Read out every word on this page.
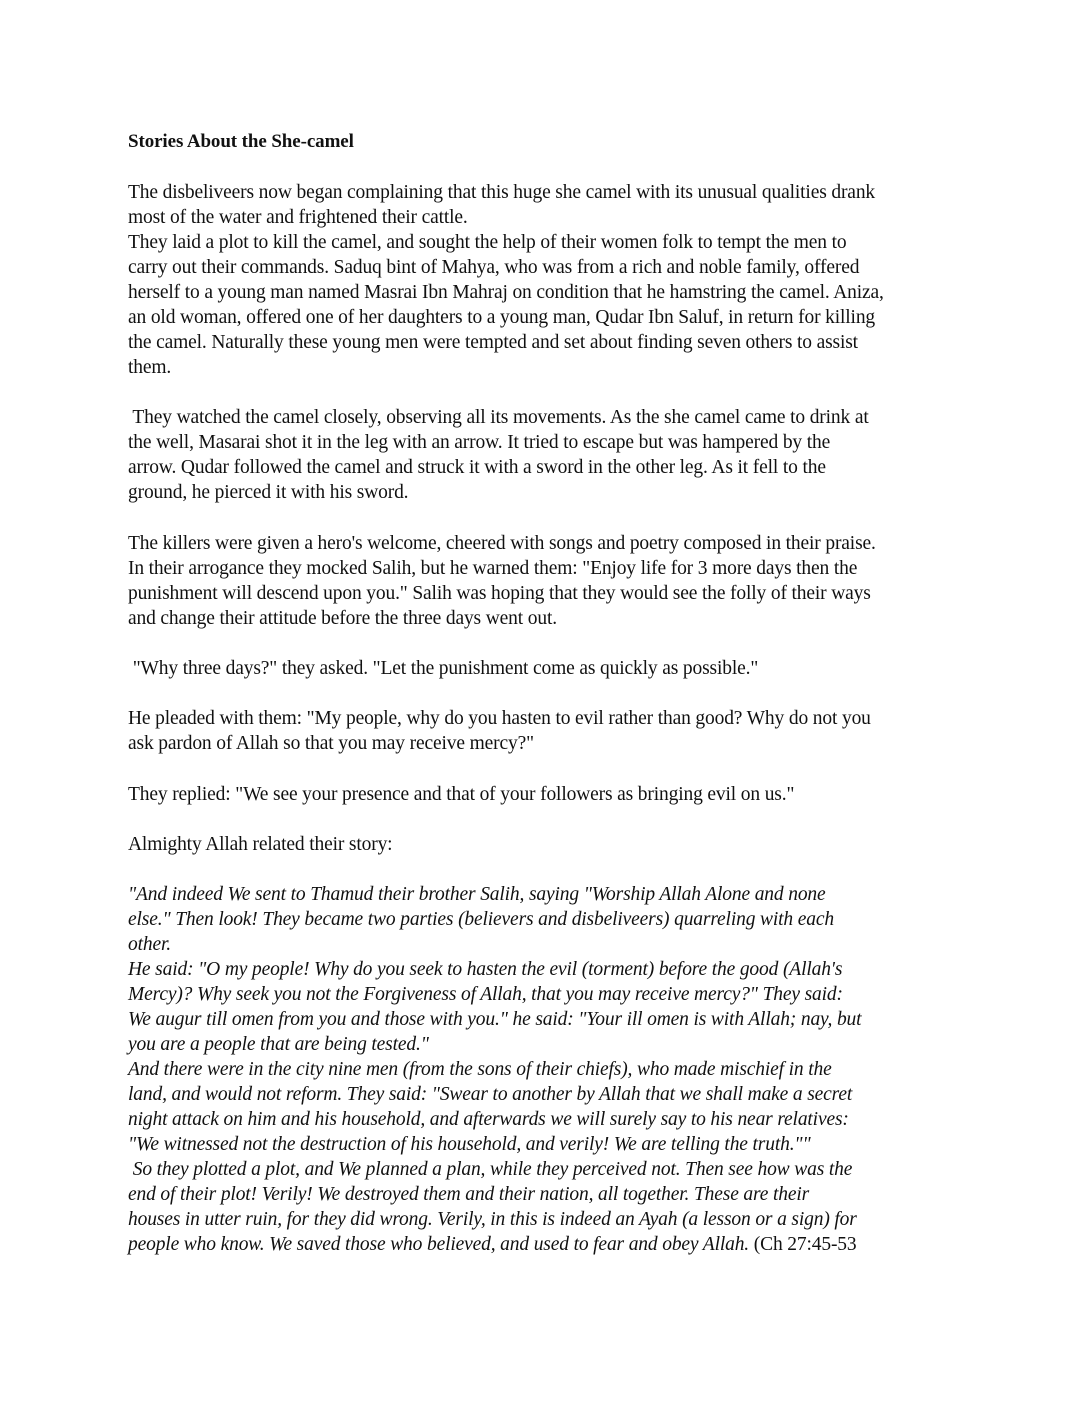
Stories About the She-camel
The disbeliveers now began complaining that this huge she camel with its unusual qualities drank
most of the water and frightened their cattle.
They laid a plot to kill the camel, and sought the help of their women folk to tempt the men to
carry out their commands. Saduq bint of Mahya, who was from a rich and noble family, offered
herself to a young man named Masrai Ibn Mahraj on condition that he hamstring the camel. Aniza,
an old woman, offered one of her daughters to a young man, Qudar Ibn Saluf, in return for killing
the camel. Naturally these young men were tempted and set about finding seven others to assist
them.
They watched the camel closely, observing all its movements. As the she camel came to drink at
the well, Masarai shot it in the leg with an arrow. It tried to escape but was hampered by the
arrow. Qudar followed the camel and struck it with a sword in the other leg. As it fell to the
ground, he pierced it with his sword.
The killers were given a hero's welcome, cheered with songs and poetry composed in their praise.
In their arrogance they mocked Salih, but he warned them: "Enjoy life for 3 more days then the
punishment will descend upon you." Salih was hoping that they would see the folly of their ways
and change their attitude before the three days went out.
"Why three days?" they asked. "Let the punishment come as quickly as possible."
He pleaded with them: "My people, why do you hasten to evil rather than good? Why do not you
ask pardon of Allah so that you may receive mercy?"
They replied: "We see your presence and that of your followers as bringing evil on us."
Almighty Allah related their story:
"And indeed We sent to Thamud their brother Salih, saying "Worship Allah Alone and none
else." Then look! They became two parties (believers and disbeliveers) quarreling with each
other.
He said: "O my people! Why do you seek to hasten the evil (torment) before the good (Allah's
Mercy)? Why seek you not the Forgiveness of Allah, that you may receive mercy?" They said:
We augur till omen from you and those with you." he said: "Your ill omen is with Allah; nay, but
you are a people that are being tested."
And there were in the city nine men (from the sons of their chiefs), who made mischief in the
land, and would not reform. They said: "Swear to another by Allah that we shall make a secret
night attack on him and his household, and afterwards we will surely say to his near relatives:
"We witnessed not the destruction of his household, and verily! We are telling the truth.""
So they plotted a plot, and We planned a plan, while they perceived not. Then see how was the
end of their plot! Verily! We destroyed them and their nation, all together. These are their
houses in utter ruin, for they did wrong. Verily, in this is indeed an Ayah (a lesson or a sign) for
people who know. We saved those who believed, and used to fear and obey Allah. (Ch 27:45-53
